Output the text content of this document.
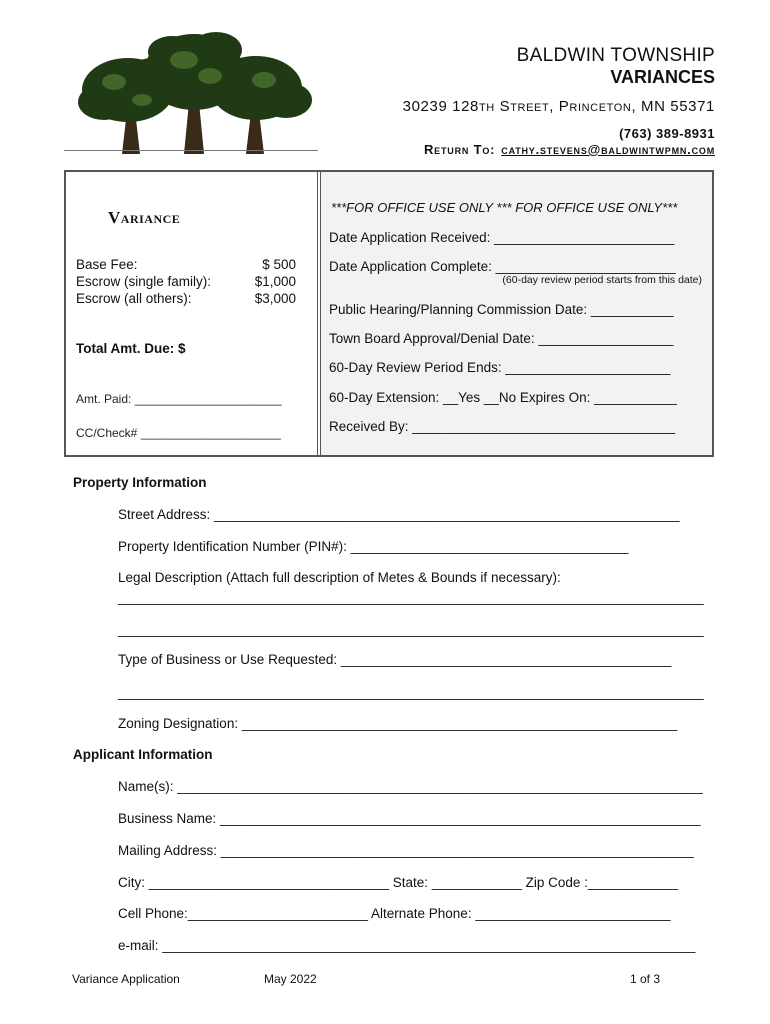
BALDWIN TOWNSHIP
VARIANCES
30239 128th Street, Princeton, MN 55371
(763) 389-8931
Return To: cathy.stevens@baldwintwpmn.com
***FOR OFFICE USE ONLY *** FOR OFFICE USE ONLY***
Date Application Received: ________________________
Date Application Complete: ________________________
(60-day review period starts from this date)
Public Hearing/Planning Commission Date: ___________
Town Board Approval/Denial Date: __________________
60-Day Review Period Ends: ______________________
60-Day Extension: __Yes __No Expires On: ___________
Received By: ___________________________________
Variance
Base Fee:	$ 500
Escrow (single family):	$1,000
Escrow (all others):	$3,000
Total Amt. Due: $
Amt. Paid: ______________________
CC/Check# _____________________
Property Information
Street Address: ______________________________________________________________
Property Identification Number (PIN#): _____________________________________
Legal Description (Attach full description of Metes & Bounds if necessary):
______________________________________________________________________________
______________________________________________________________________________
Type of Business or Use Requested: ____________________________________________
______________________________________________________________________________
Zoning Designation: __________________________________________________________
Applicant Information
Name(s): ______________________________________________________________________
Business Name: ________________________________________________________________
Mailing Address: _______________________________________________________________
City: ________________________________ State: ____________ Zip Code :____________
Cell Phone:________________________ Alternate Phone: __________________________
e-mail: _______________________________________________________________________
Variance Application	May 2022	1 of 3
